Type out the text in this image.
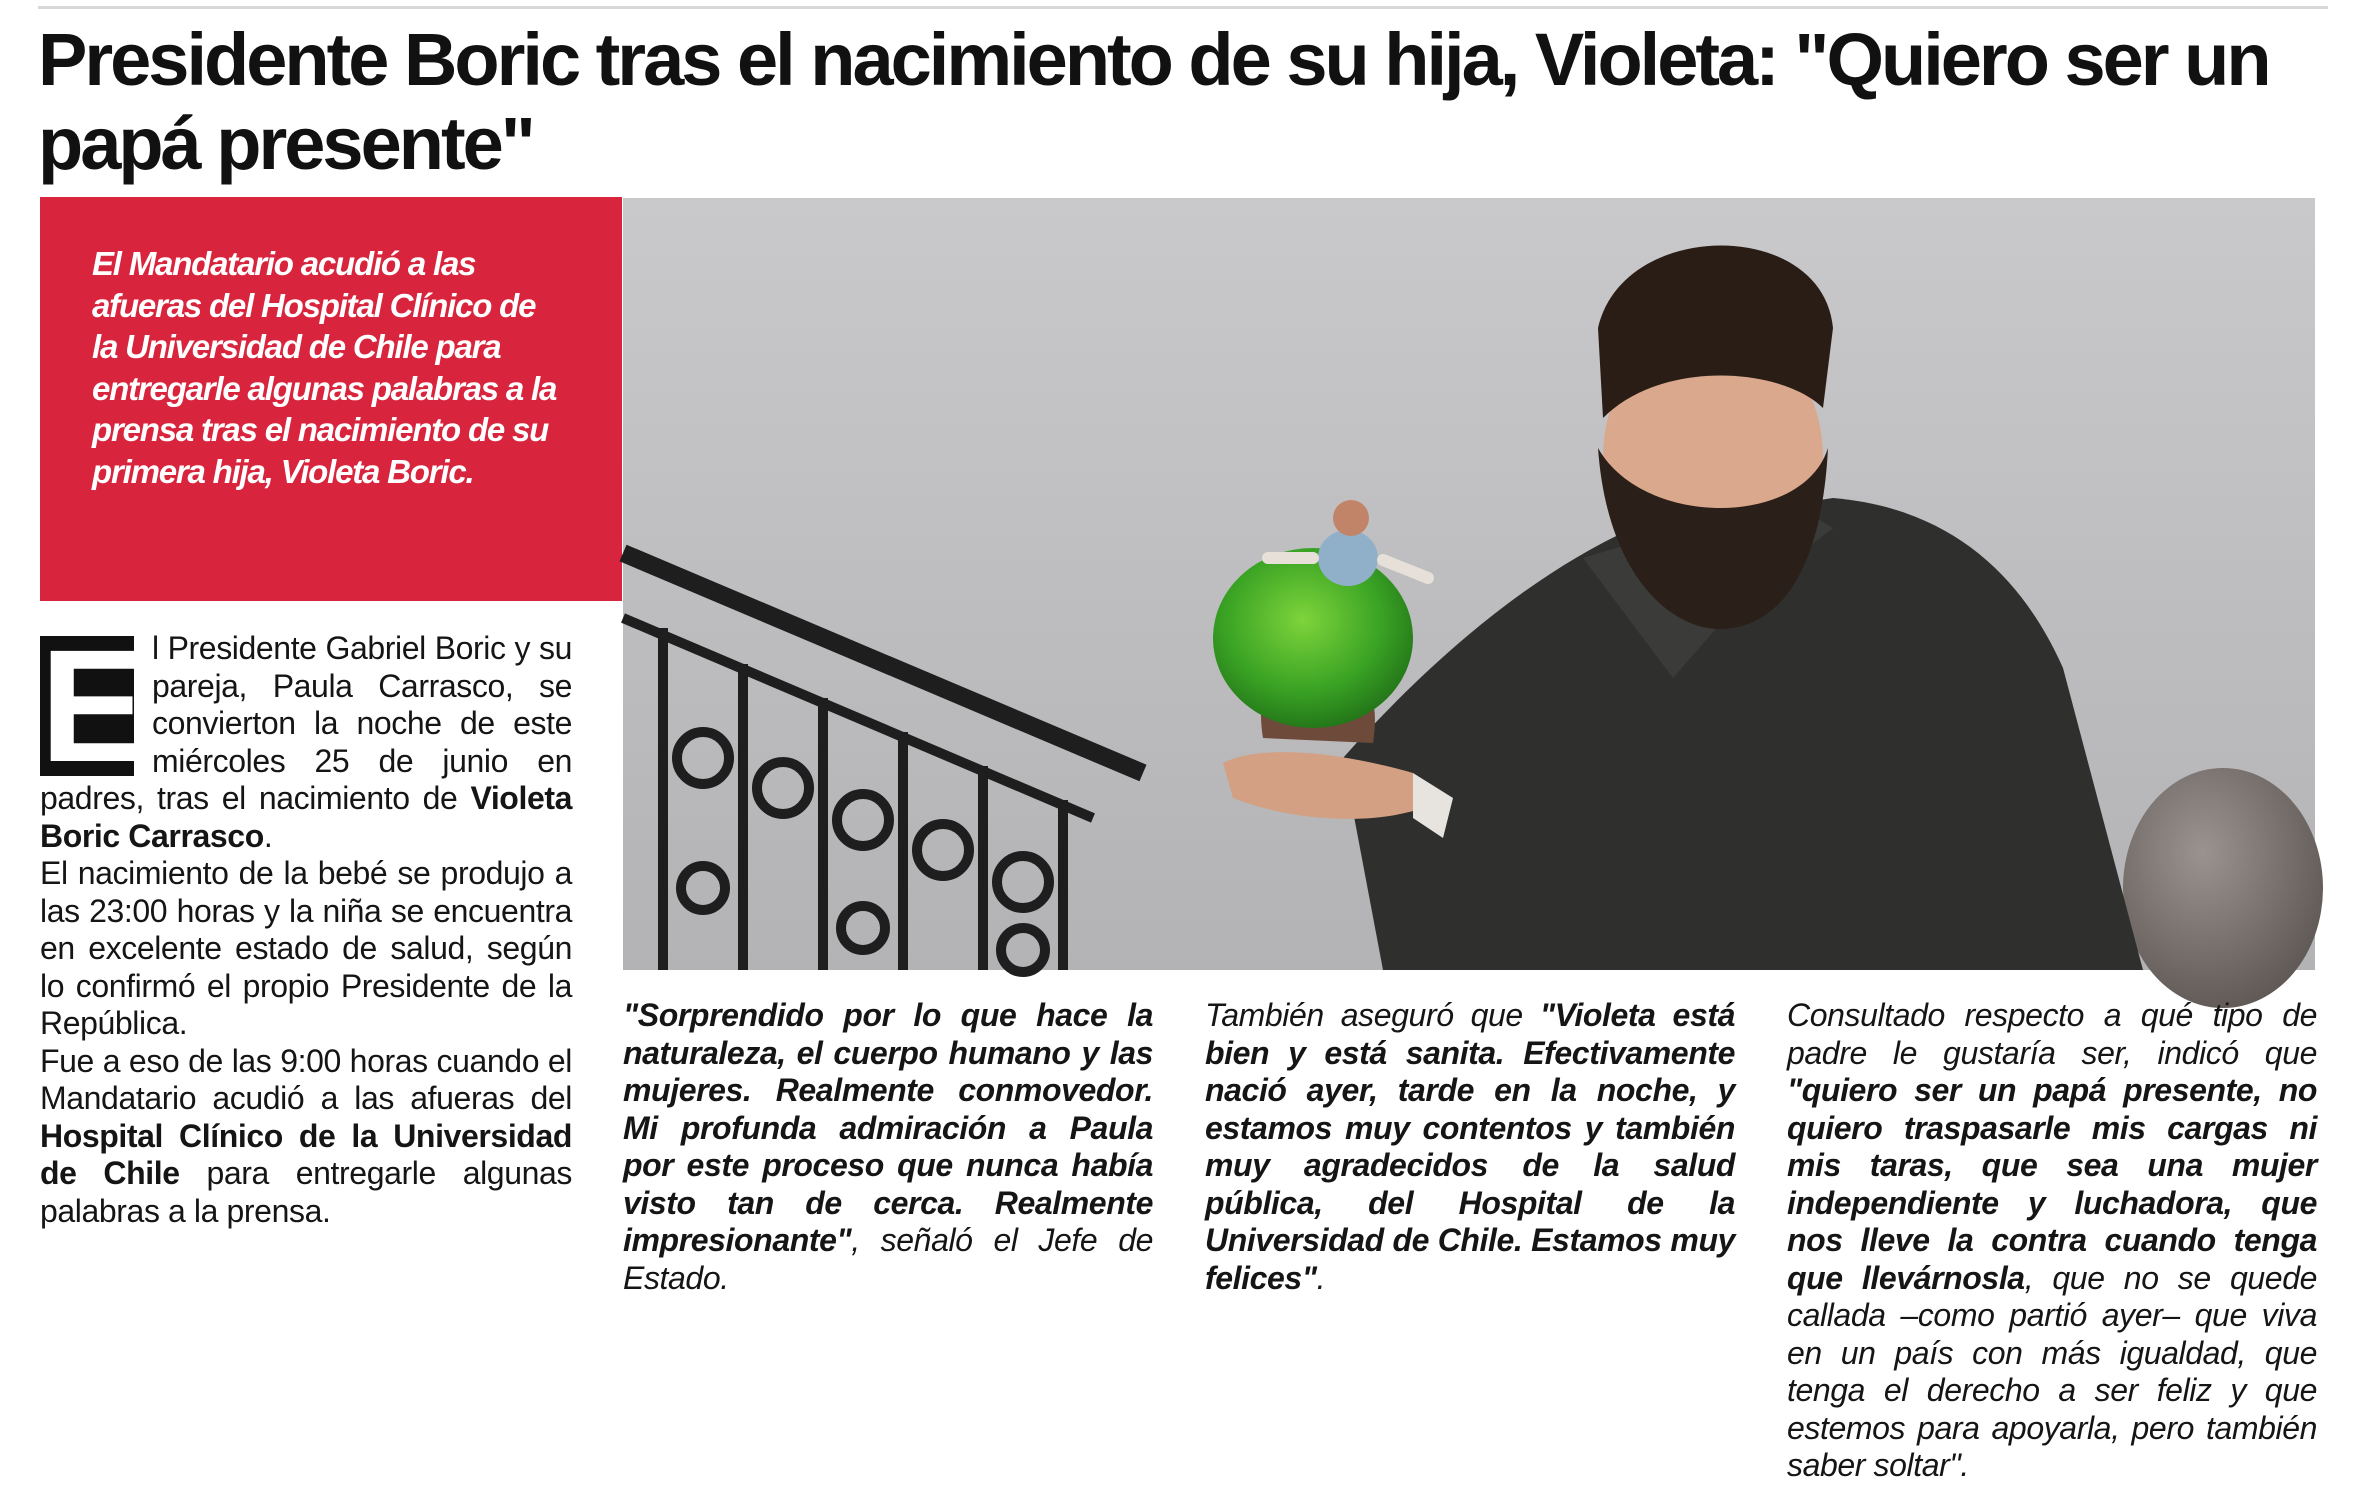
Presidente Boric tras el nacimiento de su hija, Violeta: "Quiero ser un papá presente"

El Mandatario acudió a las afueras del Hospital Clínico de la Universidad de Chile para entregarle algunas palabras a la prensa tras el nacimiento de su primera hija, Violeta Boric.

E l Presidente Gabriel Boric y su pareja, Paula Carrasco, se convierton la noche de este miércoles 25 de junio en padres, tras el nacimiento de Violeta Boric Carrasco.

El nacimiento de la bebé se produjo a las 23:00 horas y la niña se encuentra en excelente estado de salud, según lo confirmó el propio Presidente de la República.

Fue a eso de las 9:00 horas cuando el Mandatario acudió a las afueras del Hospital Clínico de la Universidad de Chile para entregarle algunas palabras a la prensa.

"Sorprendido por lo que hace la naturaleza, el cuerpo humano y las mujeres. Realmente conmovedor. Mi profunda admiración a Paula por este proceso que nunca había visto tan de cerca. Realmente impresionante", señaló el Jefe de Estado.

También aseguró que "Violeta está bien y está sanita. Efectivamente nació ayer, tarde en la noche, y estamos muy contentos y también muy agradecidos de la salud pública, del Hospital de la Universidad de Chile. Estamos muy felices".

Consultado respecto a qué tipo de padre le gustaría ser, indicó que "quiero ser un papá presente, no quiero traspasarle mis cargas ni mis taras, que sea una mujer independiente y luchadora, que nos lleve la contra cuando tenga que llevárnosla, que no se quede callada –como partió ayer– que viva en un país con más igualdad, que tenga el derecho a ser feliz y que estemos para apoyarla, pero también saber soltar".
